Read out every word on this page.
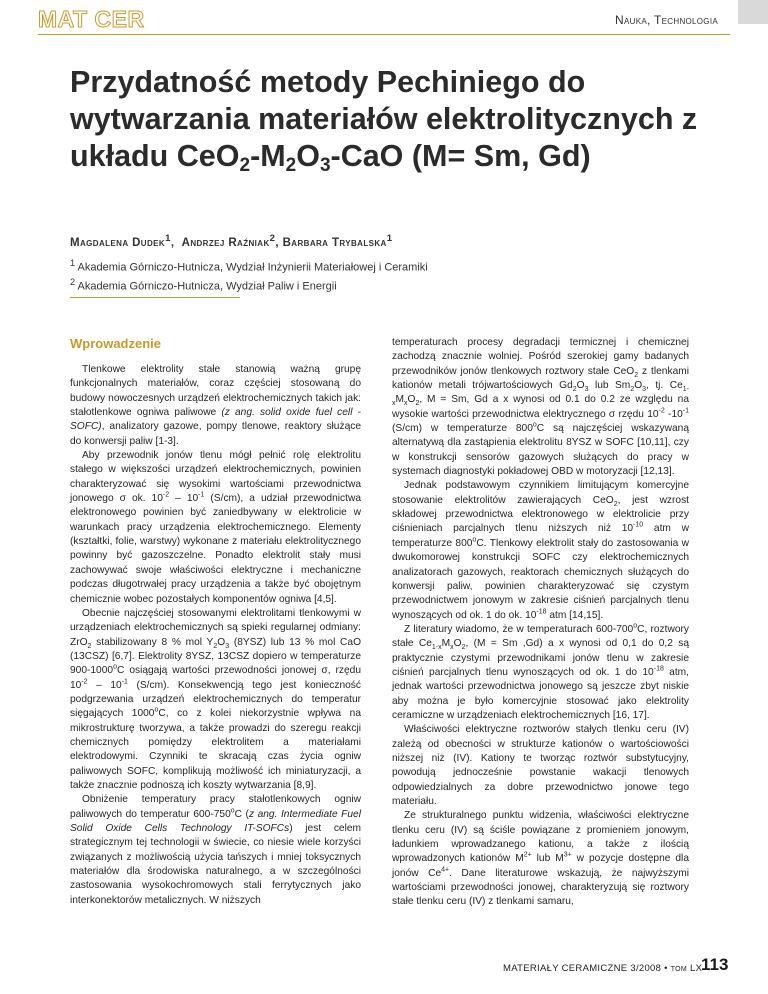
MAT CER	Nauka, Technologia
Przydatność metody Pechiniego do wytwarzania materiałów elektrolitycznych z układu $CeO_2-M_2O_3$-CaO (M= Sm, Gd)
Magdalena Dudek$^1$,  Andrzej Raźniak$^2$, Barbara Trybalska$^1$
$^1$ Akademia Górniczo-Hutnicza, Wydział Inżynierii Materiałowej i Ceramiki
$^2$ Akademia Górniczo-Hutnicza, Wydział Paliw i Energii
Wprowadzenie

Tlenkowe elektrolity stałe stanowią ważną grupę funkcjonalnych materiałów, coraz częściej stosowaną do budowy nowoczesnych urządzeń elektrochemicznych takich jak: stałotlenkowe ogniwa paliwowe (z ang. solid oxide fuel cell - SOFC), analizatory gazowe, pompy tlenowe, reaktory służące do konwersji paliw [1-3].

Aby przewodnik jonów tlenu mógł pełnić rolę elektrolitu stałego w większości urządzeń elektrochemicznych, powinien charakteryzować się wysokimi wartościami przewodnictwa jonowego σ ok. $10^{-2} - 10^{-1}$ (S/cm), a udział przewodnictwa elektronowego powinien być zaniedbywany w elektrolicie w warunkach pracy urządzenia elektrochemicznego. Elementy (kształtki, folie, warstwy) wykonane z materiału elektrolitycznego powinny być gazoszczelne. Ponadto elektrolit stały musi zachowywać swoje właściwości elektryczne i mechaniczne podczas długotrwałej pracy urządzenia a także być obojętnym chemicznie wobec pozostałych komponentów ogniwa [4,5].

Obecnie najczęściej stosowanymi elektrolitami tlenkowymi w urządzeniach elektrochemicznych są spieki regularnej odmiany: ZrO$_2$ stabilizowany 8 % mol $Y_2O_3$ (8YSZ) lub 13 % mol CaO (13CSZ) [6,7]. Elektrolity 8YSZ, 13CSZ dopiero w temperaturze 900-1000$^o$C osiągają wartości przewodności jonowej σ, rzędu $10^{-2} - 10^{-1}$ (S/cm). Konsekwencją tego jest konieczność podgrzewania urządzeń elektrochemicznych do temperatur sięgających 1000$^o$C, co z kolei niekorzystnie wpływa na mikrostrukturę tworzywa, a także prowadzi do szeregu reakcji chemicznych pomiędzy elektrolitem a materiałami elektrodowymi. Czynniki te skracają czas życia ogniw paliwowych SOFC, komplikują możliwość ich miniaturyzacji, a także znacznie podnoszą ich koszty wytwarzania [8,9].

Obniżenie temperatury pracy stałotlenkowych ogniw paliwowych do temperatur 600-750$^o$C (z ang. Intermediate Fuel Solid Oxide Cells Technology IT-SOFCs) jest celem strategicznym tej technologii w świecie, co niesie wiele korzyści związanych z możliwością użycia tańszych i mniej toksycznych materiałów dla środowiska naturalnego, a w szczególności zastosowania wysokochromowych stali ferrytycznych jako interkonektorów metalicznych. W niższych

temperaturach procesy degradacji termicznej i chemicznej zachodzą znacznie wolniej. Pośród szerokiej gamy badanych przewodników jonów tlenkowych roztwory stałe CeO$_2$ z tlenkami kationów metali trójwartościowych $Gd_2O_3$ lub $Sm_2O_3$, tj. $Ce_{1-x}M_xO_2$, M = Sm, Gd a x wynosi od 0.1 do 0.2 ze względu na wysokie wartości przewodnictwa elektrycznego σ rzędu $10^{-2}$ $-10^{-1}$ (S/cm) w temperaturze 800$^o$C są najczęściej wskazywaną alternatywą dla zastąpienia elektrolitu 8YSZ w SOFC [10,11], czy w konstrukcji sensorów gazowych służących do pracy w systemach diagnostyki pokładowej OBD w motoryzacji [12,13].

Jednak podstawowym czynnikiem limitującym komercyjne stosowanie elektrolitów zawierających CeO$_2$, jest wzrost składowej przewodnictwa elektronowego w elektrolicie przy ciśnieniach parcjalnych tlenu niższych niż $10^{-10}$ atm w temperaturze 800$^o$C. Tlenkowy elektrolit stały do zastosowania w dwukomorowej konstrukcji SOFC czy elektrochemicznych analizatorach gazowych, reaktorach chemicznych służących do konwersji paliw, powinien charakteryzować się czystym przewodnictwem jonowym w zakresie ciśnień parcjalnych tlenu wynoszących od ok. 1 do ok. $10^{-18}$ atm [14,15].

Z literatury wiadomo, że w temperaturach 600-700$^o$C, roztwory stałe $Ce_{1-x}M_xO_2$, (M = Sm ,Gd) a x wynosi od 0,1 do 0,2 są praktycznie czystymi przewodnikami jonów tlenu w zakresie ciśnień parcjalnych tlenu wynoszących od ok. 1 do $10^{-18}$ atm, jednak wartości przewodnictwa jonowego są jeszcze zbyt niskie aby można je było komercyjnie stosować jako elektrolity ceramiczne w urządzeniach elektrochemicznych [16, 17].

Właściwości elektryczne roztworów stałych tlenku ceru (IV) zależą od obecności w strukturze kationów o wartościowości niższej niż (IV). Kationy te tworząc roztwór substytucyjny, powodują jednocześnie powstanie wakacji tlenowych odpowiedzialnych za dobre przewodnictwo jonowe tego materiału.

Ze strukturalnego punktu widzenia, właściwości elektryczne tlenku ceru (IV) są ściśle powiązane z promieniem jonowym, ładunkiem wprowadzanego kationu, a także z ilością wprowadzonych kationów $M^{2+}$ lub $M^{3+}$ w pozycje dostępne dla jonów $Ce^{4+}$. Dane literaturowe wskazują, że najwyższymi wartościami przewodności jonowej, charakteryzują się roztwory stałe tlenku ceru (IV) z tlenkami samaru,

MATERIAŁY CERAMICZNE 3/2008 • tom LX
113
